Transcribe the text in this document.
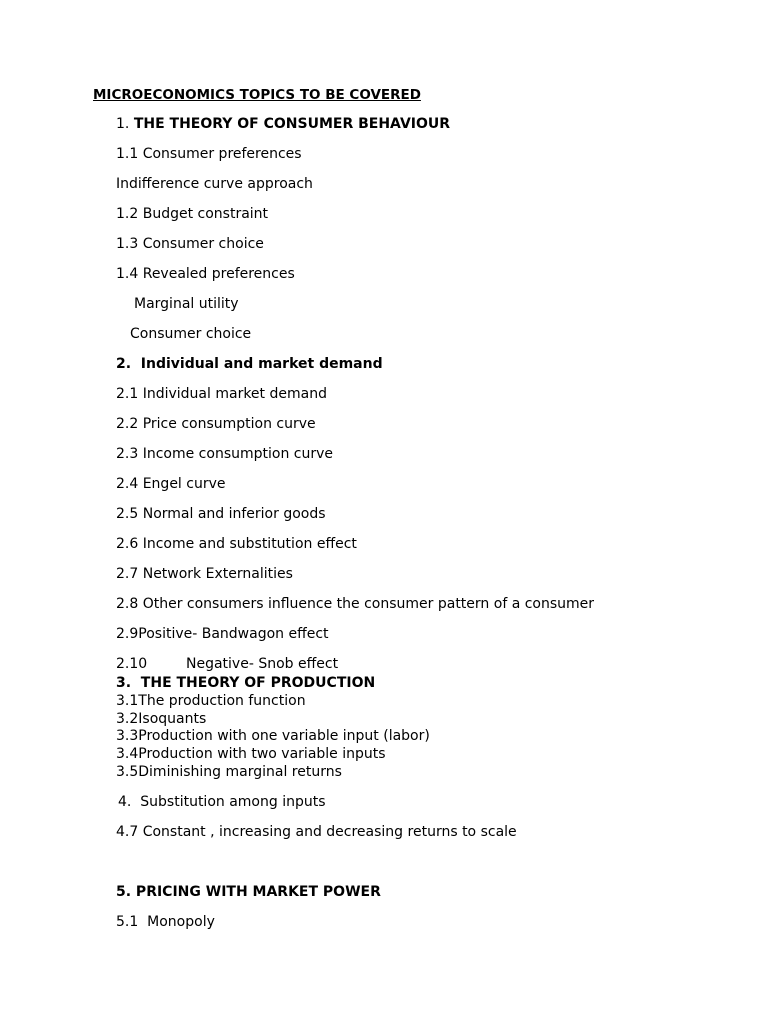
MICROECONOMICS TOPICS TO BE COVERED
1. THE THEORY OF CONSUMER BEHAVIOUR
1.1 Consumer preferences
Indifference curve approach
1.2 Budget constraint
1.3 Consumer choice
1.4 Revealed preferences
Marginal utility
Consumer choice
2.  Individual and market demand
2.1 Individual market demand
2.2 Price consumption curve
2.3 Income consumption curve
2.4 Engel curve
2.5 Normal and inferior goods
2.6 Income and substitution effect
2.7 Network Externalities
2.8 Other consumers influence the consumer pattern of a consumer
2.9Positive- Bandwagon effect
2.10	Negative- Snob effect
3.  THE THEORY OF PRODUCTION
3.1The production function
3.2Isoquants
3.3Production with one variable input (labor)
3.4Production with two variable inputs
3.5Diminishing marginal returns
4.  Substitution among inputs
4.7 Constant , increasing and decreasing returns to scale
5. PRICING WITH MARKET POWER
5.1  Monopoly
